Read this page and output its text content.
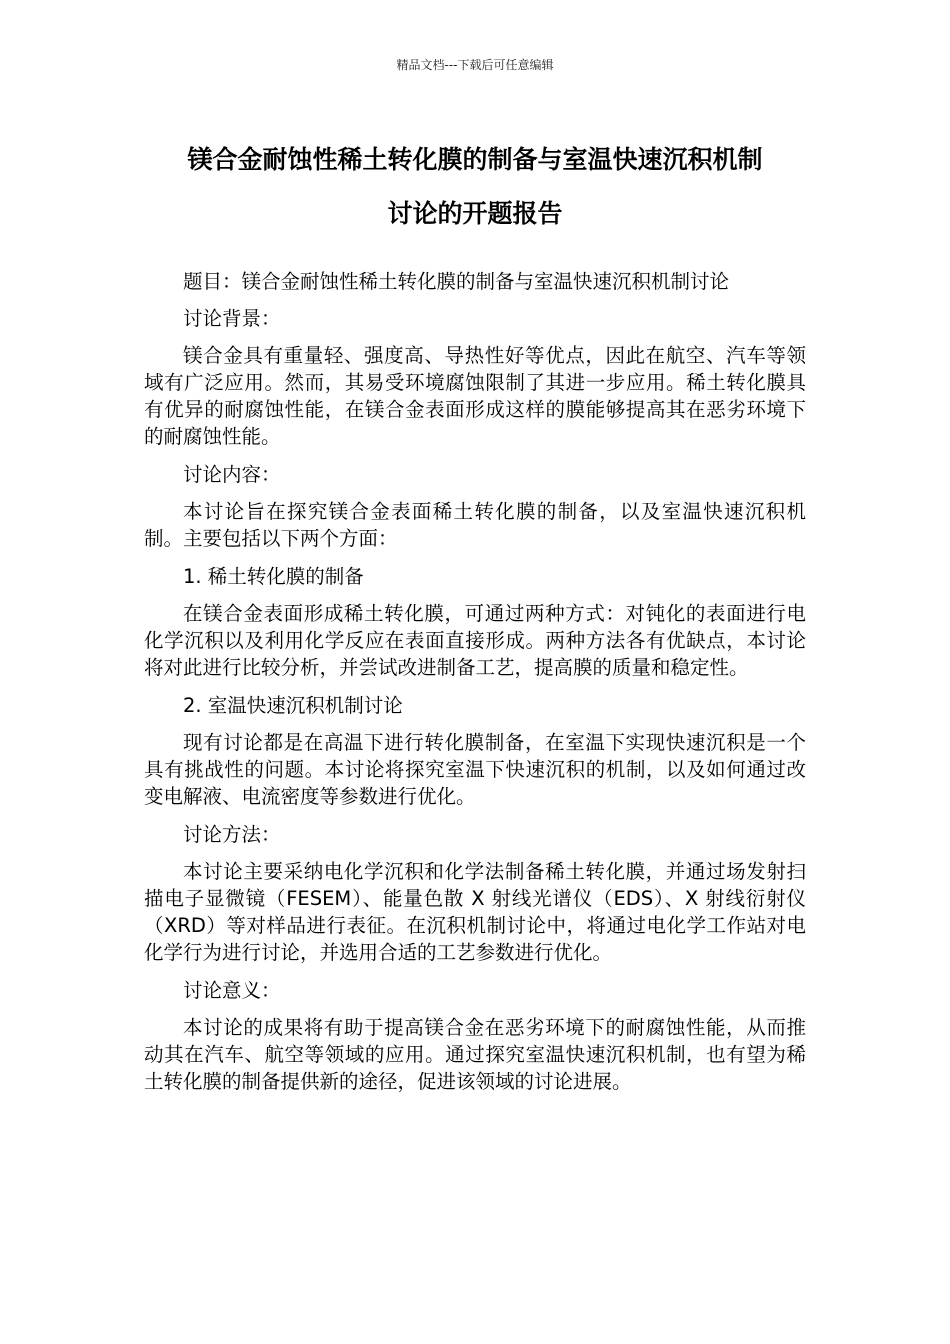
精品文档---下载后可任意编辑
镁合金耐蚀性稀土转化膜的制备与室温快速沉积机制
讨论的开题报告

题目：镁合金耐蚀性稀土转化膜的制备与室温快速沉积机制讨论

讨论背景：

镁合金具有重量轻、强度高、导热性好等优点，因此在航空、汽车等领域有广泛应用。然而，其易受环境腐蚀限制了其进一步应用。稀土转化膜具有优异的耐腐蚀性能，在镁合金表面形成这样的膜能够提高其在恶劣环境下的耐腐蚀性能。

讨论内容：

本讨论旨在探究镁合金表面稀土转化膜的制备，以及室温快速沉积机制。主要包括以下两个方面：

1. 稀土转化膜的制备

在镁合金表面形成稀土转化膜，可通过两种方式：对钝化的表面进行电化学沉积以及利用化学反应在表面直接形成。两种方法各有优缺点，本讨论将对此进行比较分析，并尝试改进制备工艺，提高膜的质量和稳定性。

2. 室温快速沉积机制讨论

现有讨论都是在高温下进行转化膜制备，在室温下实现快速沉积是一个具有挑战性的问题。本讨论将探究室温下快速沉积的机制，以及如何通过改变电解液、电流密度等参数进行优化。

讨论方法：

本讨论主要采纳电化学沉积和化学法制备稀土转化膜，并通过场发射扫描电子显微镜（FESEM）、能量色散 X 射线光谱仪（EDS）、X 射线衍射仪（XRD）等对样品进行表征。在沉积机制讨论中，将通过电化学工作站对电化学行为进行讨论，并选用合适的工艺参数进行优化。

讨论意义：

本讨论的成果将有助于提高镁合金在恶劣环境下的耐腐蚀性能，从而推动其在汽车、航空等领域的应用。通过探究室温快速沉积机制，也有望为稀土转化膜的制备提供新的途径，促进该领域的讨论进展。
